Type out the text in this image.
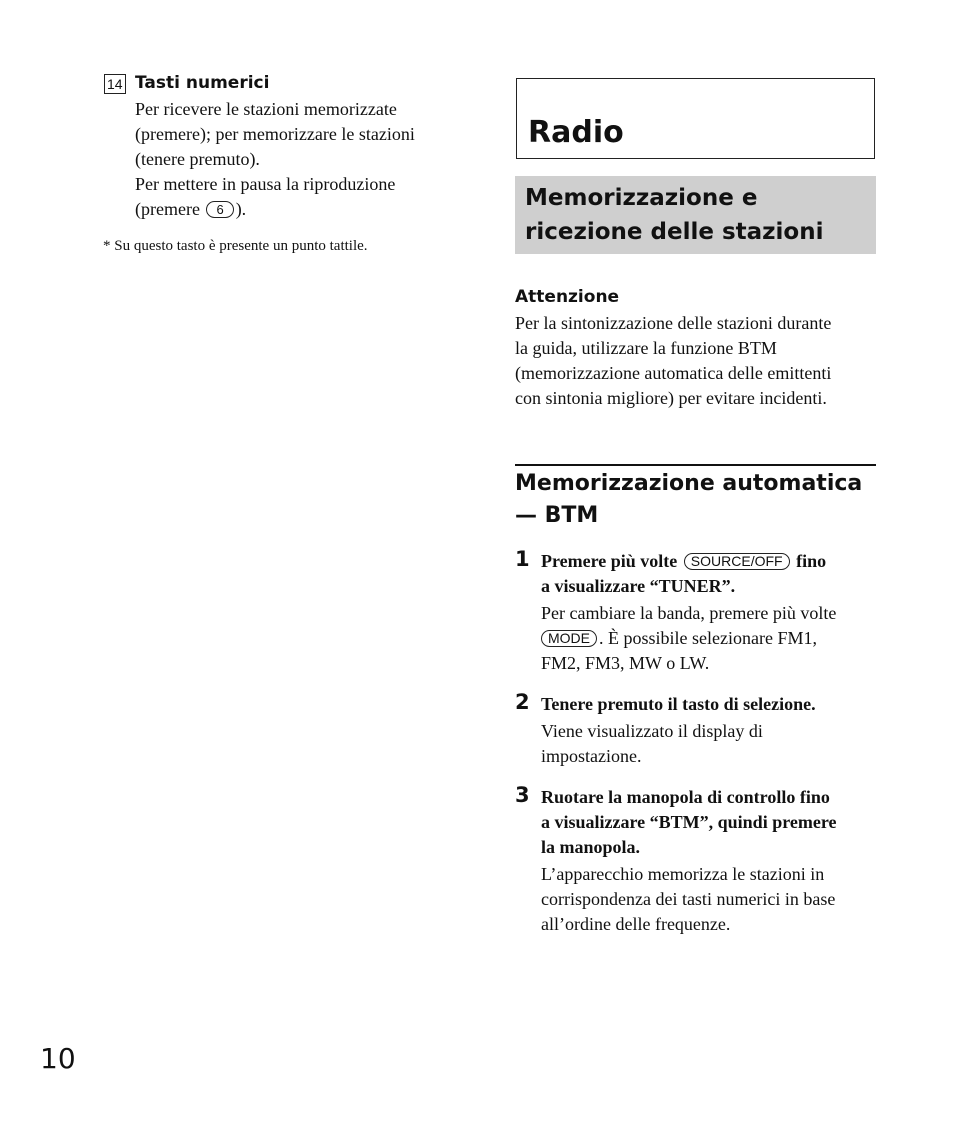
14 Tasti numerici
Per ricevere le stazioni memorizzate
(premere); per memorizzare le stazioni
(tenere premuto).
Per mettere in pausa la riproduzione
(premere 6 ).
* Su questo tasto è presente un punto tattile.
Radio
Memorizzazione e
ricezione delle stazioni
Attenzione
Per la sintonizzazione delle stazioni durante
la guida, utilizzare la funzione BTM
(memorizzazione automatica delle emittenti
con sintonia migliore) per evitare incidenti.
Memorizzazione automatica
— BTM
1 Premere più volte SOURCE/OFF fino
a visualizzare “TUNER”.
Per cambiare la banda, premere più volte
MODE . È possibile selezionare FM1,
FM2, FM3, MW o LW.
2 Tenere premuto il tasto di selezione.
Viene visualizzato il display di
impostazione.
3 Ruotare la manopola di controllo fino
a visualizzare “BTM”, quindi premere
la manopola.
L’apparecchio memorizza le stazioni in
corrispondenza dei tasti numerici in base
all’ordine delle frequenze.
10
